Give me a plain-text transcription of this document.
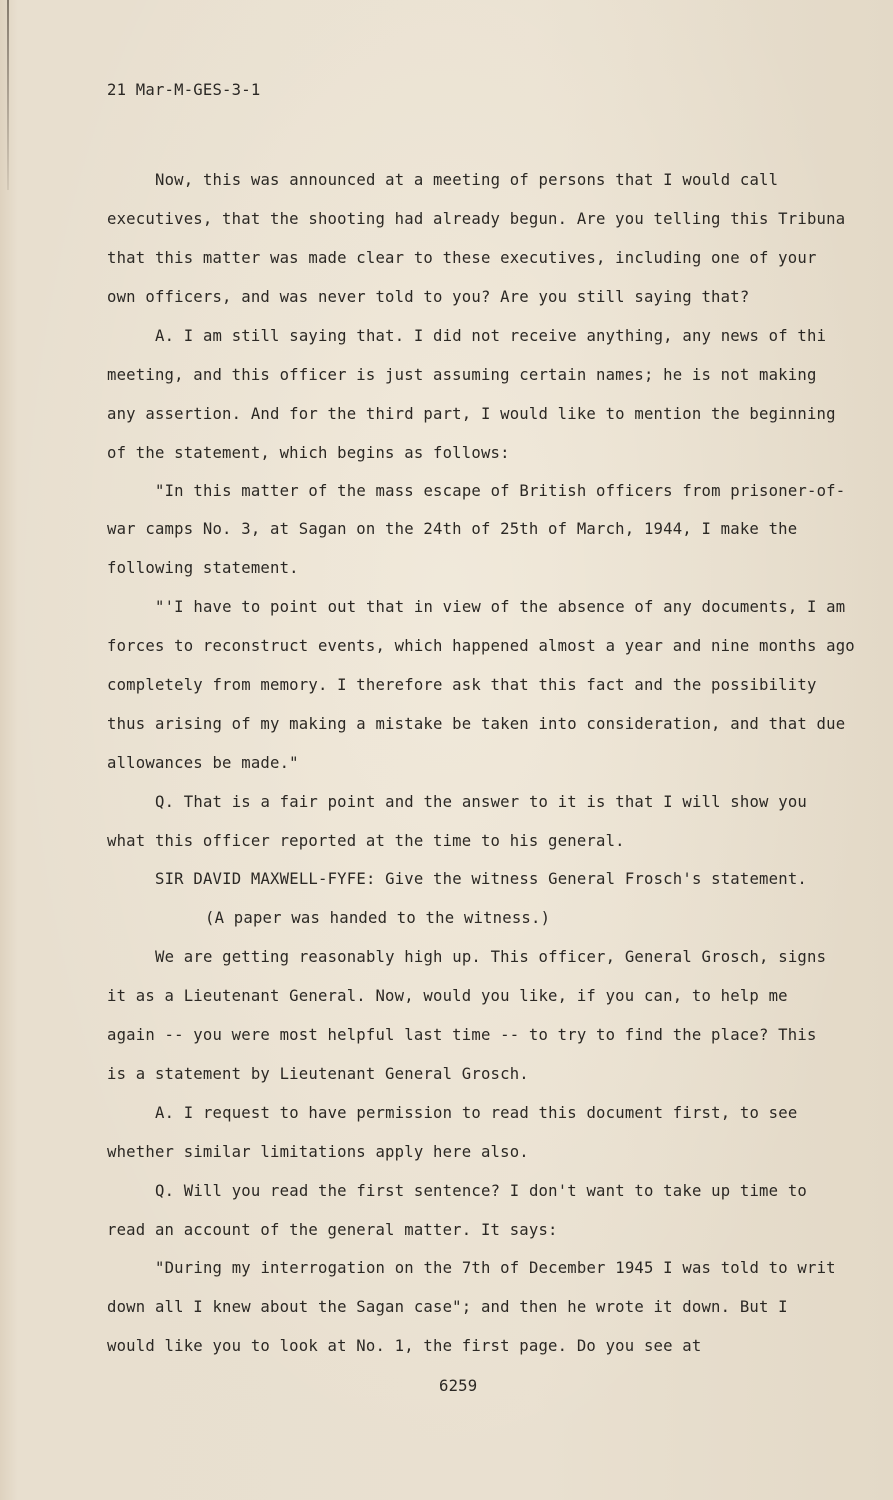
21 Mar-M-GES-3-1
Now, this was announced at a meeting of persons that I would call
executives, that the shooting had already begun. Are you telling this Tribuna
that this matter was made clear to these executives, including one of your
own officers, and was never told to you? Are you still saying that?
A. I am still saying that. I did not receive anything, any news of thi
meeting, and this officer is just assuming certain names; he is not making
any assertion. And for the third part, I would like to mention the beginning
of the statement, which begins as follows:
"In this matter of the mass escape of British officers from prisoner-of-
war camps No. 3, at Sagan on the 24th of 25th of March, 1944, I make the
following statement.
"'I have to point out that in view of the absence of any documents, I am
forces to reconstruct events, which happened almost a year and nine months ago
completely from memory. I therefore ask that this fact and the possibility
thus arising of my making a mistake be taken into consideration, and that due
allowances be made."
Q. That is a fair point and the answer to it is that I will show you
what this officer reported at the time to his general.
SIR DAVID MAXWELL-FYFE: Give the witness General Frosch's statement.
(A paper was handed to the witness.)
We are getting reasonably high up. This officer, General Grosch, signs
it as a Lieutenant General. Now, would you like, if you can, to help me
again -- you were most helpful last time -- to try to find the place? This
is a statement by Lieutenant General Grosch.
A. I request to have permission to read this document first, to see
whether similar limitations apply here also.
Q. Will you read the first sentence? I don't want to take up time to
read an account of the general matter. It says:
"During my interrogation on the 7th of December 1945 I was told to writ
down all I knew about the Sagan case"; and then he wrote it down. But I
would like you to look at No. 1, the first page. Do you see at
6259
